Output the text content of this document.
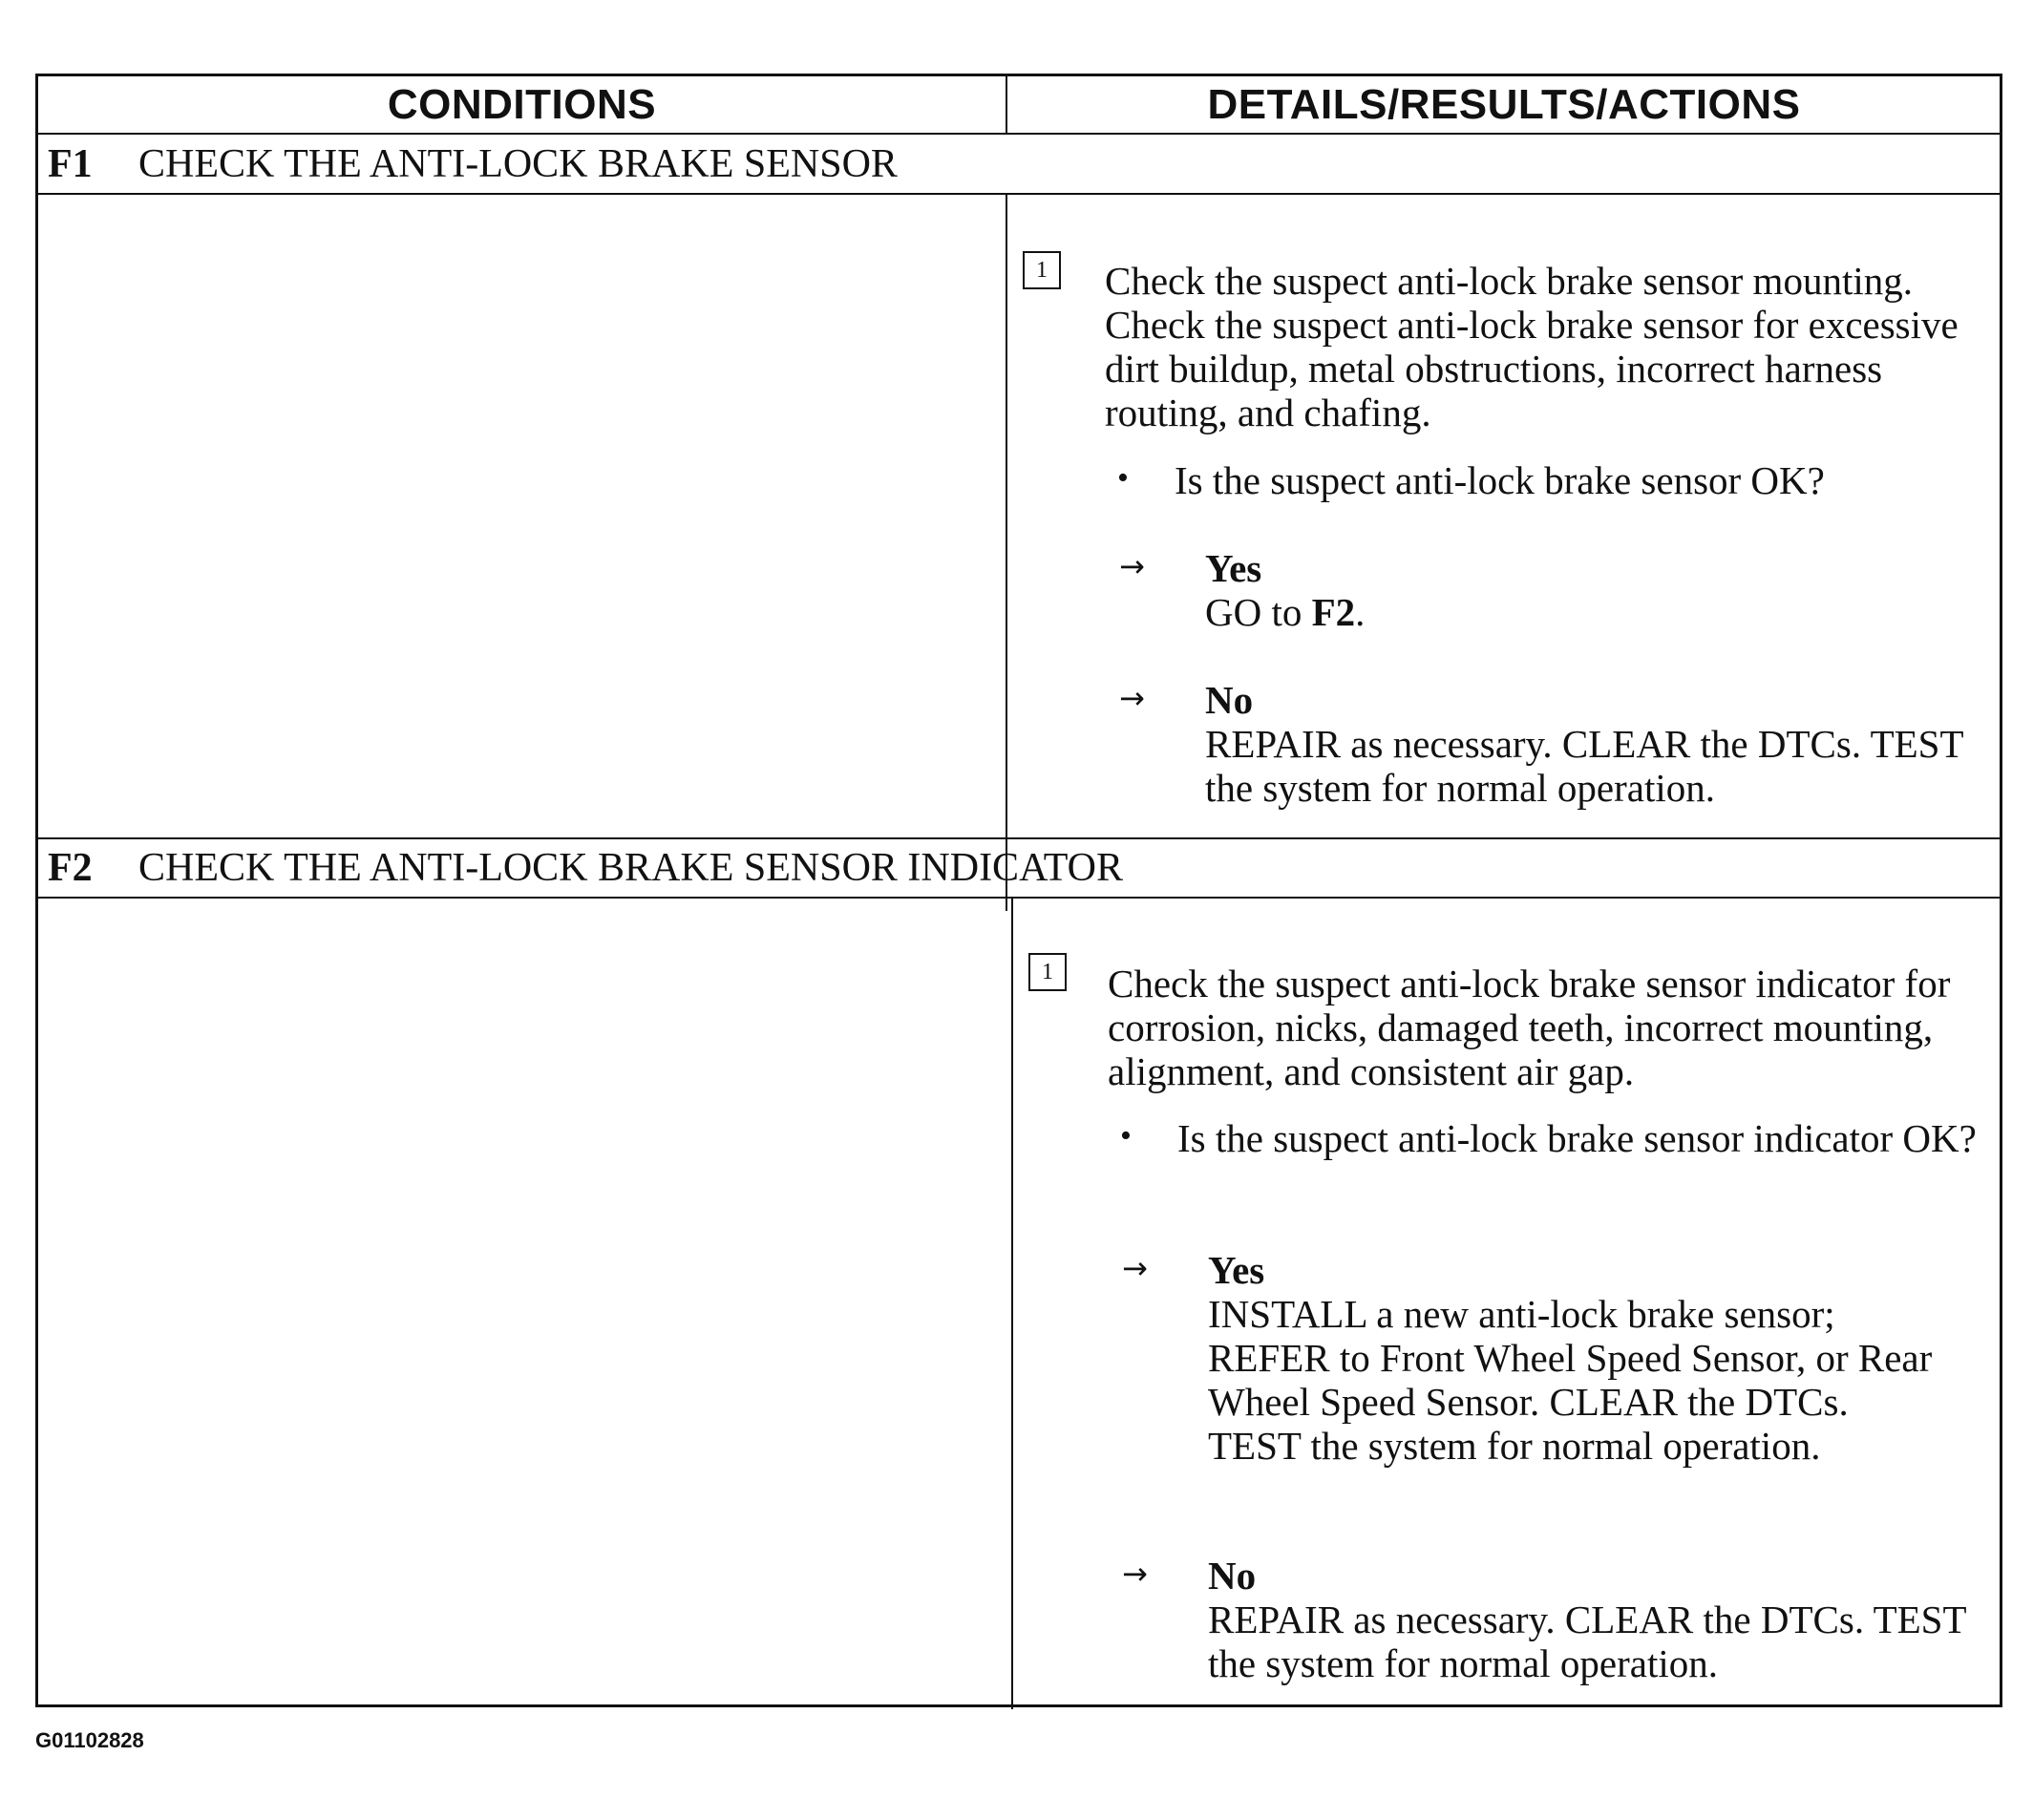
CONDITIONS	DETAILS/RESULTS/ACTIONS
F1	CHECK THE ANTI-LOCK BRAKE SENSOR
1	Check the suspect anti-lock brake sensor mounting. Check the suspect anti-lock brake sensor for excessive dirt buildup, metal obstructions, incorrect harness routing, and chafing.
• Is the suspect anti-lock brake sensor OK?
→ Yes
GO to F2.
→ No
REPAIR as necessary. CLEAR the DTCs. TEST the system for normal operation.
F2	CHECK THE ANTI-LOCK BRAKE SENSOR INDICATOR
1	Check the suspect anti-lock brake sensor indicator for corrosion, nicks, damaged teeth, incorrect mounting, alignment, and consistent air gap.
• Is the suspect anti-lock brake sensor indicator OK?
→ Yes
INSTALL a new anti-lock brake sensor; REFER to Front Wheel Speed Sensor, or Rear Wheel Speed Sensor. CLEAR the DTCs. TEST the system for normal operation.
→ No
REPAIR as necessary. CLEAR the DTCs. TEST the system for normal operation.
G01102828
